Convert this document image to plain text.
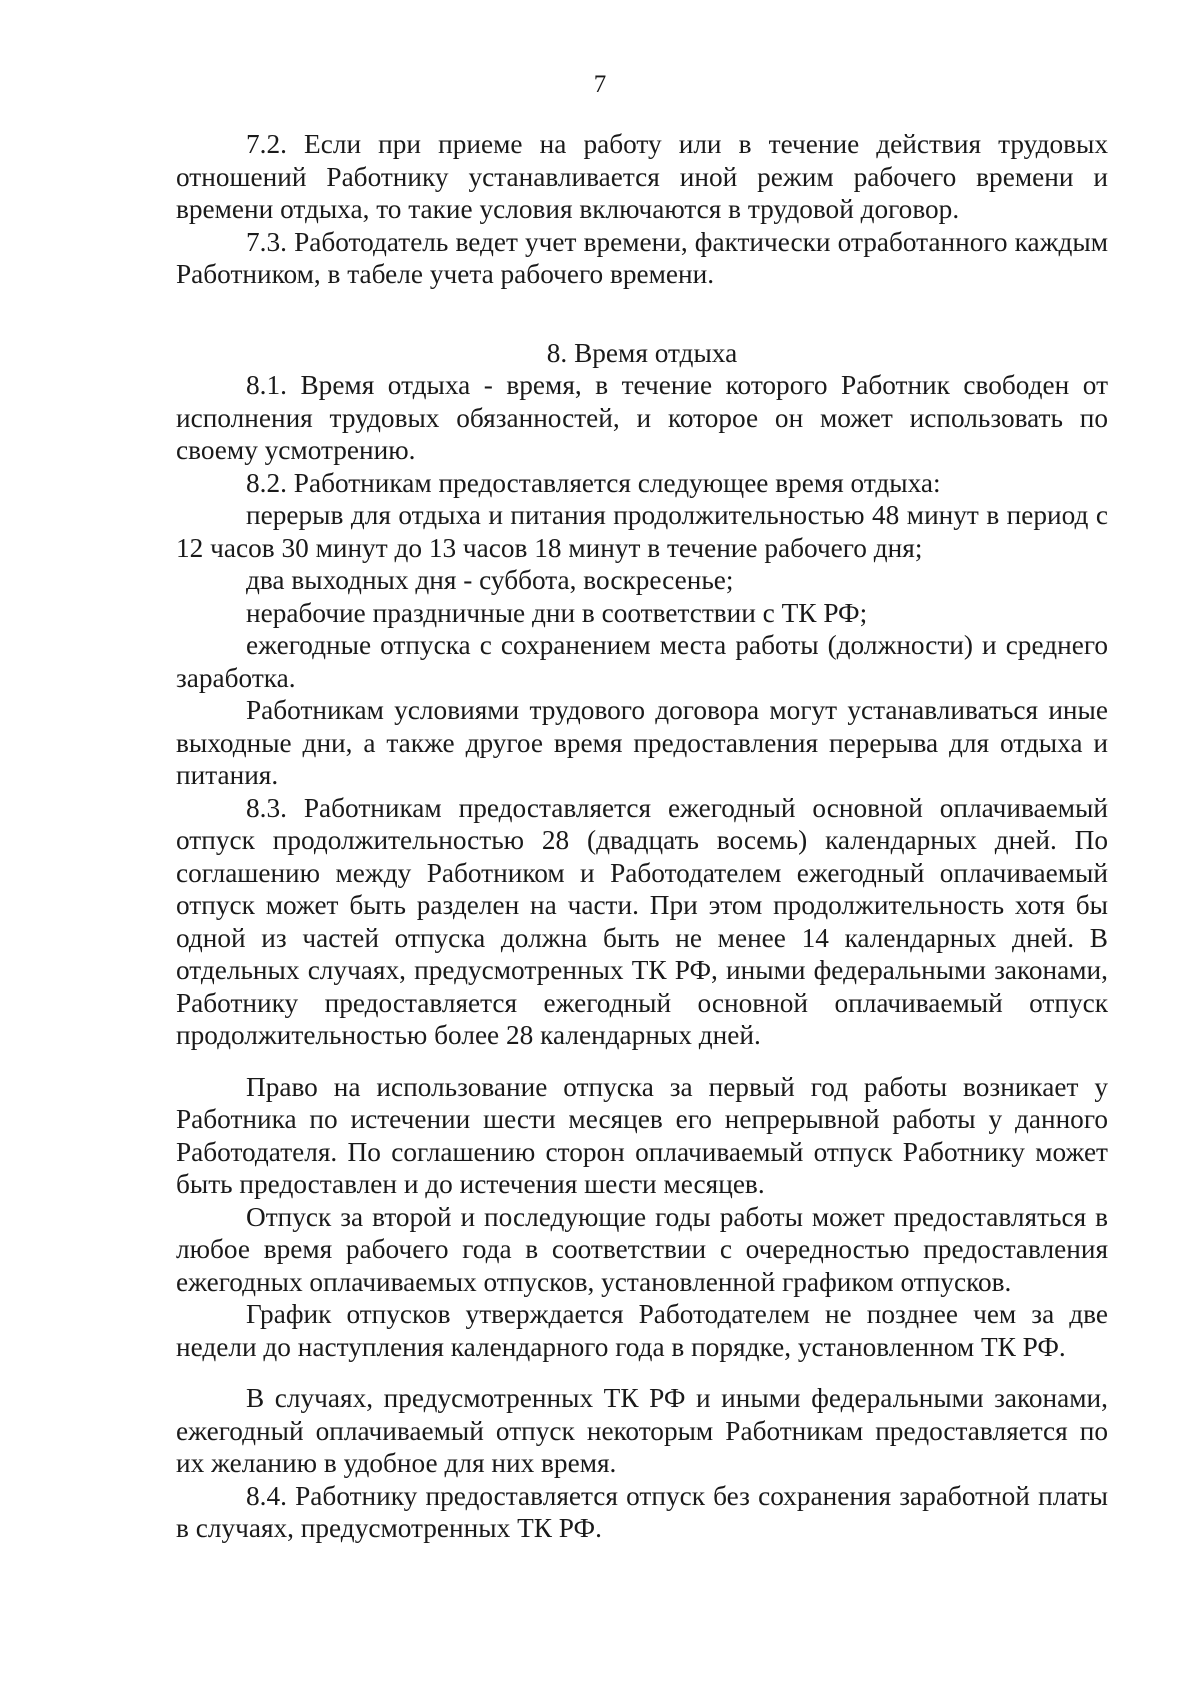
7

7.2. Если при приеме на работу или в течение действия трудовых отношений Работнику устанавливается иной режим рабочего времени и времени отдыха, то такие условия включаются в трудовой договор.

7.3. Работодатель ведет учет времени, фактически отработанного каждым Работником, в табеле учета рабочего времени.

8. Время отдыха

8.1. Время отдыха - время, в течение которого Работник свободен от исполнения трудовых обязанностей, и которое он может использовать по своему усмотрению.

8.2. Работникам предоставляется следующее время отдыха:

перерыв для отдыха и питания продолжительностью 48 минут в период с 12 часов 30 минут до 13 часов 18 минут в течение рабочего дня;

два выходных дня - суббота, воскресенье;

нерабочие праздничные дни в соответствии с ТК РФ;

ежегодные отпуска с сохранением места работы (должности) и среднего заработка.

Работникам условиями трудового договора могут устанавливаться иные выходные дни, а также другое время предоставления перерыва для отдыха и питания.

8.3. Работникам предоставляется ежегодный основной оплачиваемый отпуск продолжительностью 28 (двадцать восемь) календарных дней. По соглашению между Работником и Работодателем ежегодный оплачиваемый отпуск может быть разделен на части. При этом продолжительность хотя бы одной из частей отпуска должна быть не менее 14 календарных дней. В отдельных случаях, предусмотренных ТК РФ, иными федеральными законами, Работнику предоставляется ежегодный основной оплачиваемый отпуск продолжительностью более 28 календарных дней.

Право на использование отпуска за первый год работы возникает у Работника по истечении шести месяцев его непрерывной работы у данного Работодателя. По соглашению сторон оплачиваемый отпуск Работнику может быть предоставлен и до истечения шести месяцев.

Отпуск за второй и последующие годы работы может предоставляться в любое время рабочего года в соответствии с очередностью предоставления ежегодных оплачиваемых отпусков, установленной графиком отпусков.

График отпусков утверждается Работодателем не позднее чем за две недели до наступления календарного года в порядке, установленном ТК РФ.

В случаях, предусмотренных ТК РФ и иными федеральными законами, ежегодный оплачиваемый отпуск некоторым Работникам предоставляется по их желанию в удобное для них время.

8.4. Работнику предоставляется отпуск без сохранения заработной платы в случаях, предусмотренных ТК РФ.
